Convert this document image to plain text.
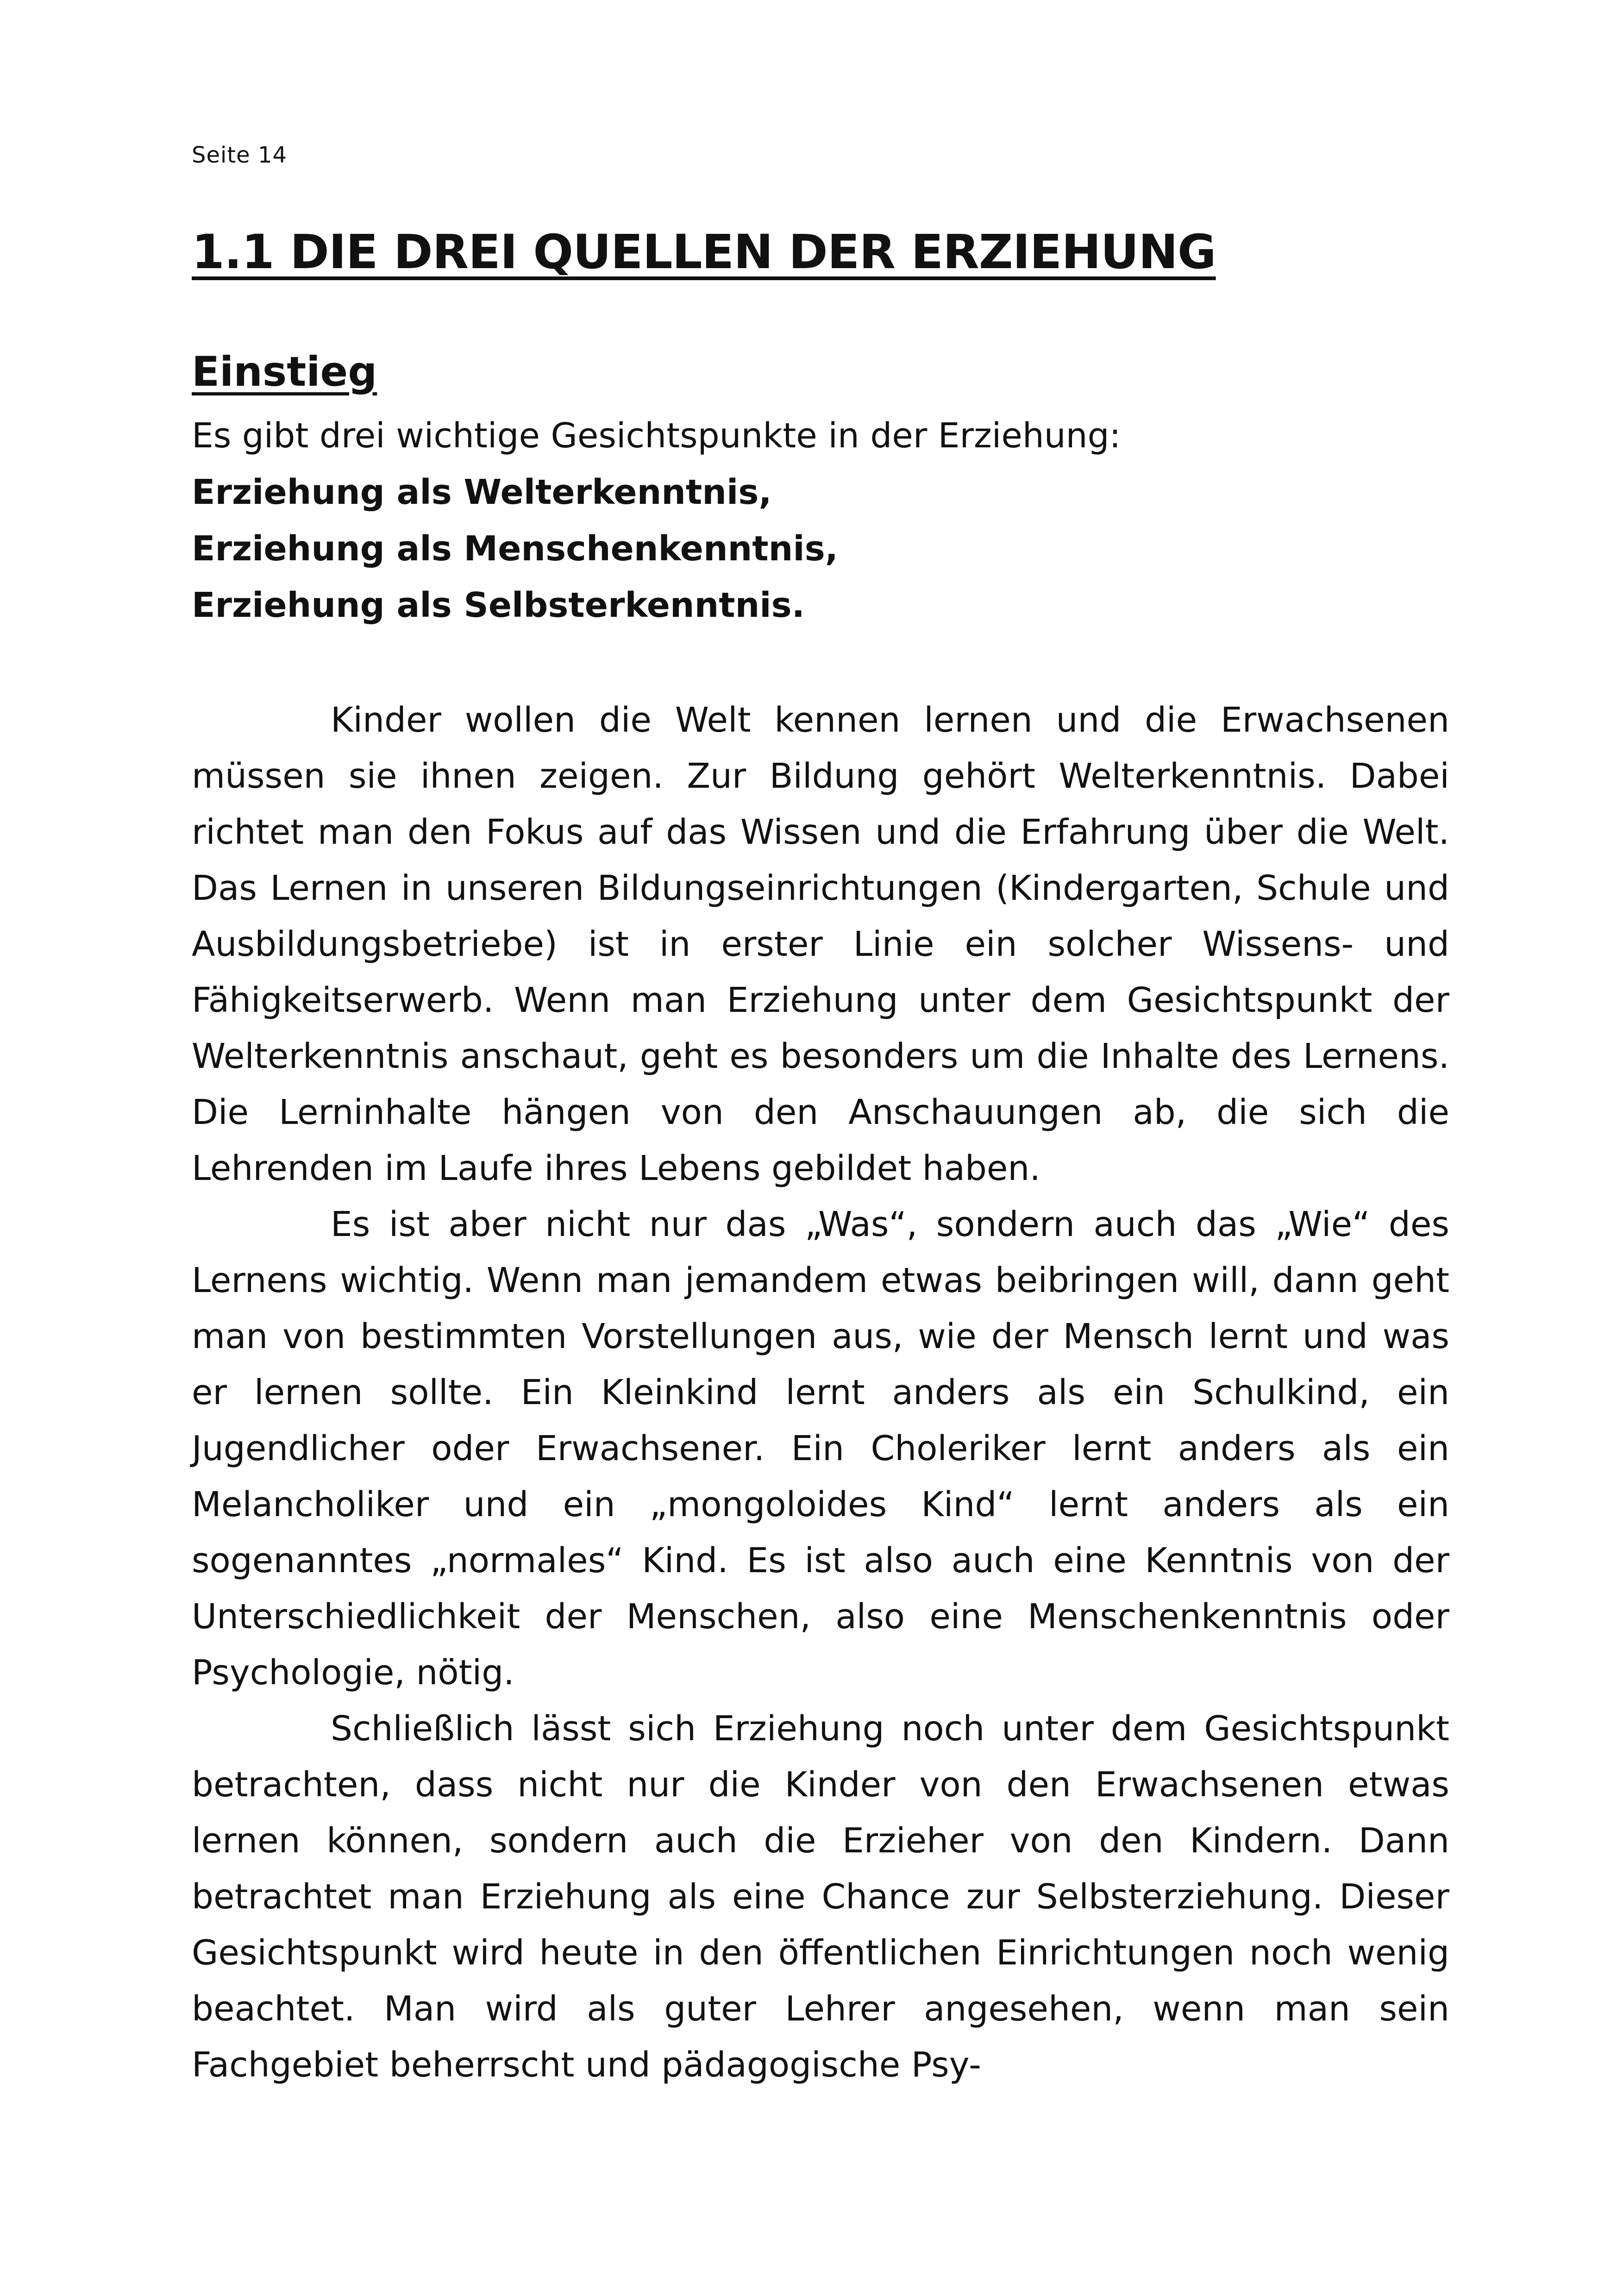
Seite 14
1.1 DIE DREI QUELLEN DER ERZIEHUNG
Einstieg
Es gibt drei wichtige Gesichtspunkte in der Erziehung:
Erziehung als Welterkenntnis,
Erziehung als Menschenkenntnis,
Erziehung als Selbsterkenntnis.

Kinder wollen die Welt kennen lernen und die Erwachsenen müssen sie ihnen zeigen. Zur Bildung gehört Welterkenntnis. Dabei richtet man den Fokus auf das Wissen und die Erfahrung über die Welt. Das Lernen in unseren Bildungseinrichtungen (Kindergarten, Schule und Ausbildungsbetriebe) ist in erster Linie ein solcher Wissens- und Fähigkeitserwerb. Wenn man Erziehung unter dem Gesichtspunkt der Welterkenntnis anschaut, geht es besonders um die Inhalte des Lernens. Die Lerninhalte hängen von den Anschauungen ab, die sich die Lehrenden im Laufe ihres Lebens gebildet haben.

Es ist aber nicht nur das „Was“, sondern auch das „Wie“ des Lernens wichtig. Wenn man jemandem etwas beibringen will, dann geht man von bestimmten Vorstellungen aus, wie der Mensch lernt und was er lernen sollte. Ein Kleinkind lernt anders als ein Schulkind, ein Jugendlicher oder Erwachsener. Ein Choleriker lernt anders als ein Melancholiker und ein „mongoloides Kind“ lernt anders als ein sogenanntes „normales“ Kind. Es ist also auch eine Kenntnis von der Unterschiedlichkeit der Menschen, also eine Menschenkenntnis oder Psychologie, nötig.

Schließlich lässt sich Erziehung noch unter dem Gesichtspunkt betrachten, dass nicht nur die Kinder von den Erwachsenen etwas lernen können, sondern auch die Erzieher von den Kindern. Dann betrachtet man Erziehung als eine Chance zur Selbsterziehung. Dieser Gesichtspunkt wird heute in den öffentlichen Einrichtungen noch wenig beachtet. Man wird als guter Lehrer angesehen, wenn man sein Fachgebiet beherrscht und pädagogische Psy-
